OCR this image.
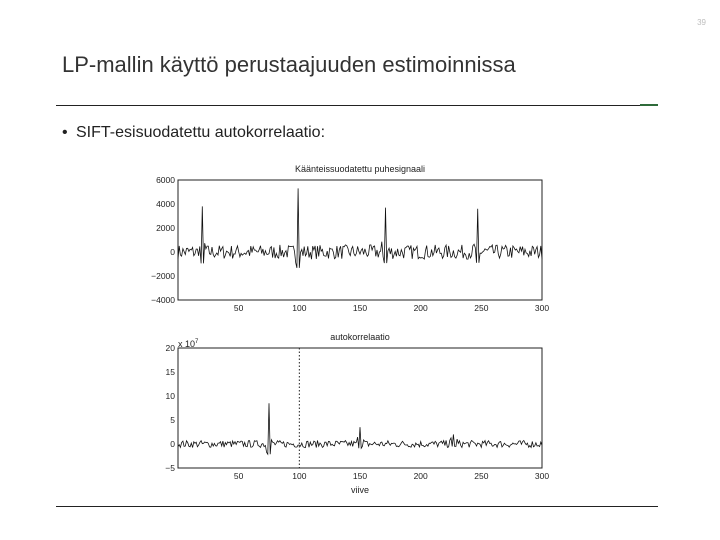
39
LP-mallin käyttö perustaajuuden estimoinnissa
• SIFT-esisuodatettu autokorrelaatio:
Käänteissuodatettu puhesignaali
6000
4000
2000
0
−2000
−4000
50	100	150	200	250	300
autokorrelaatio
x $10^7$
20
15
10
5
0
−5
50	100	150	200	250	300
viive
